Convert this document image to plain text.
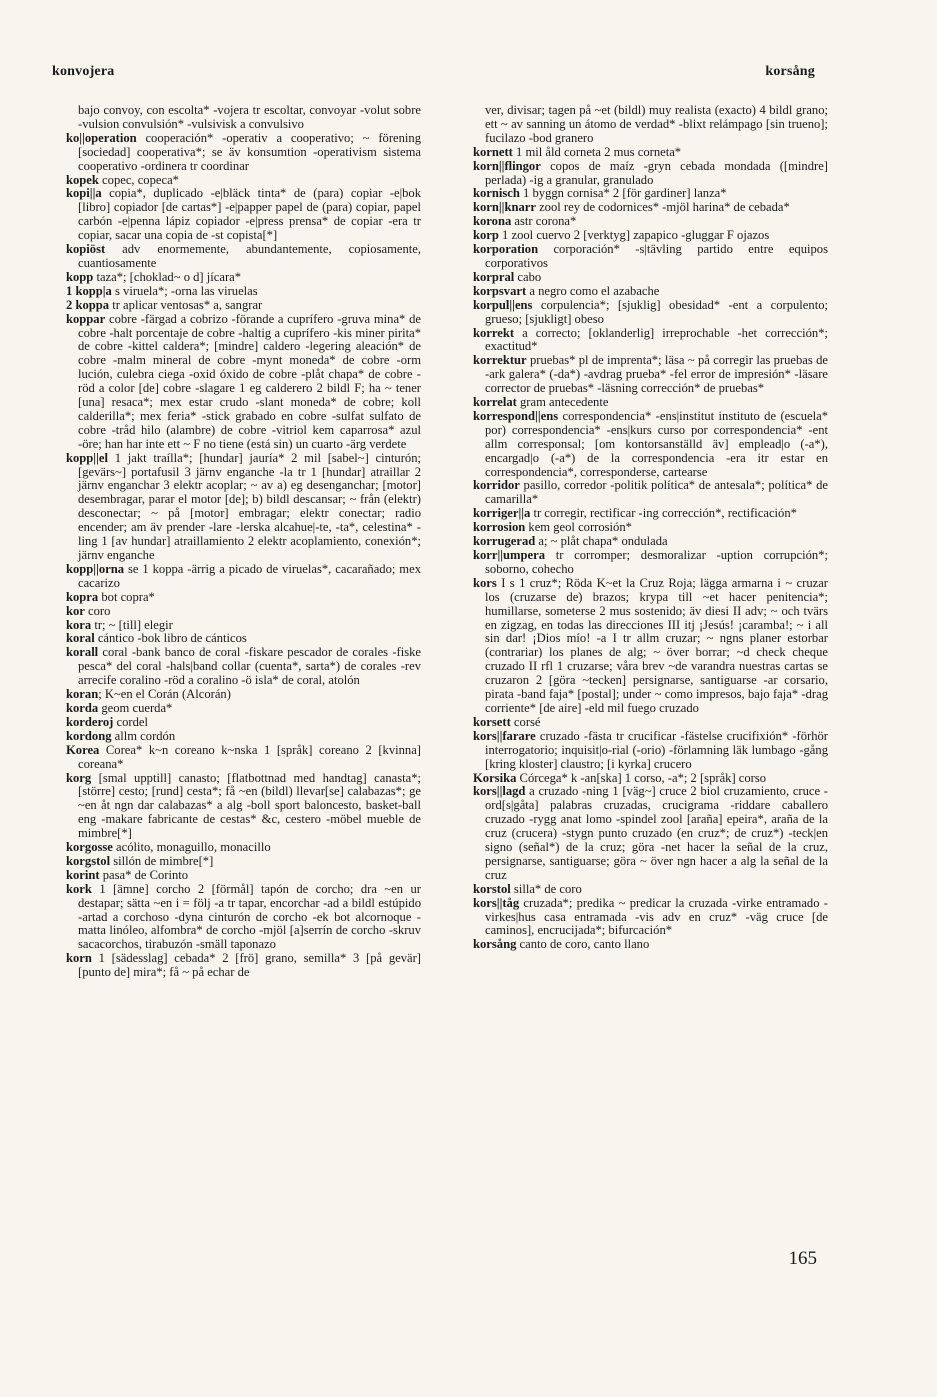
konvojera	korsång

bajo convoy, con escolta* -vojera tr escoltar, convoyar -volut sobre -vulsion convulsión* -vulsivisk a convulsivo

ko||operation cooperación* -operativ a cooperativo; ~ förening [sociedad] cooperativa*; se äv konsumtion -operativism sistema cooperativo -ordinera tr coordinar

kopek copec, copeca*

kopi||a copia*, duplicado -e|bläck tinta* de (para) copiar -e|bok [libro] copiador [de cartas*] -e|papper papel de (para) copiar, papel carbón -e|penna lápiz copiador -e|press prensa* de copiar -era tr copiar, sacar una copia de -st copista[*]

kopiöst adv enormemente, abundantemente, copiosamente, cuantiosamente

kopp taza*; [choklad~ o d] jícara*

1 kopp|a s viruela*; -orna las viruelas

2 koppa tr aplicar ventosas* a, sangrar

koppar cobre -färgad a cobrizo -förande a cuprífero -gruva mina* de cobre -halt porcentaje de cobre -haltig a cuprífero -kis miner pirita* de cobre -kittel caldera*; [mindre] caldero -legering aleación* de cobre -malm mineral de cobre -mynt moneda* de cobre -orm lución, culebra ciega -oxid óxido de cobre -plåt chapa* de cobre -röd a color [de] cobre -slagare 1 eg calderero 2 bildl F; ha ~ tener [una] resaca*; mex estar crudo -slant moneda* de cobre; koll calderilla*; mex feria* -stick grabado en cobre -sulfat sulfato de cobre -tråd hilo (alambre) de cobre -vitriol kem caparrosa* azul -öre; han har inte ett ~ F no tiene (está sin) un cuarto -ärg verdete

kopp||el 1 jakt traílla*; [hundar] jauría* 2 mil [sabel~] cinturón; [gevärs~] portafusil 3 järnv enganche -la tr 1 [hundar] atraillar 2 järnv enganchar 3 elektr acoplar; ~ av a) eg desenganchar; [motor] desembragar, parar el motor [de]; b) bildl descansar; ~ från (elektr) desconectar; ~ på [motor] embragar; elektr conectar; radio encender; am äv prender -lare -lerska alcahue|-te, -ta*, celestina* -ling 1 [av hundar] atraillamiento 2 elektr acoplamiento, conexión*; järnv enganche

kopp||orna se 1 koppa -ärrig a picado de viruelas*, cacarañado; mex cacarizo

kopra bot copra*

kor coro

kora tr; ~ [till] elegir

koral cántico -bok libro de cánticos

korall coral -bank banco de coral -fiskare pescador de corales -fiske pesca* del coral -hals|band collar (cuenta*, sarta*) de corales -rev arrecife coralino -röd a coralino -ö isla* de coral, atolón

koran; K~en el Corán (Alcorán)

korda geom cuerda*

korderoj cordel

kordong allm cordón

Korea Corea* k~n coreano k~nska 1 [språk] coreano 2 [kvinna] coreana*

korg [smal upptill] canasto; [flatbottnad med handtag] canasta*; [större] cesto; [rund] cesta*; få ~en (bildl) llevar[se] calabazas*; ge ~en åt ngn dar calabazas* a alg -boll sport baloncesto, basket-ball eng -makare fabricante de cestas* &c, cestero -möbel mueble de mimbre[*]

korgosse acólito, monaguillo, monacillo

korgstol sillón de mimbre[*]

korint pasa* de Corinto

kork 1 [ämne] corcho 2 [förmål] tapón de corcho; dra ~en ur destapar; sätta ~en i = följ -a tr tapar, encorchar -ad a bildl estúpido -artad a corchoso -dyna cinturón de corcho -ek bot alcornoque -matta linóleo, alfombra* de corcho -mjöl [a]serrín de corcho -skruv sacacorchos, tirabuzón -smäll taponazo

korn 1 [sädesslag] cebada* 2 [frö] grano, semilla* 3 [på gevär] [punto de] mira*; få ~ på echar de

ver, divisar; tagen på ~et (bildl) muy realista (exacto) 4 bildl grano; ett ~ av sanning un átomo de verdad* -blixt relámpago [sin trueno]; fucilazo -bod granero

kornett 1 mil åld corneta 2 mus corneta*

korn||flingor copos de maíz -gryn cebada mondada ([mindre] perlada) -ig a granular, granulado

kornisch 1 byggn cornisa* 2 [för gardiner] lanza*

korn||knarr zool rey de codornices* -mjöl harina* de cebada*

korona astr corona*

korp 1 zool cuervo 2 [verktyg] zapapico -gluggar F ojazos

korporation corporación* -s|tävling partido entre equipos corporativos

korpral cabo

korpsvart a negro como el azabache

korpul||ens corpulencia*; [sjuklig] obesidad* -ent a corpulento; grueso; [sjukligt] obeso

korrekt a correcto; [oklanderlig] irreprochable -het corrección*; exactitud*

korrektur pruebas* pl de imprenta*; läsa ~ på corregir las pruebas de -ark galera* (-da*) -avdrag prueba* -fel error de impresión* -läsare corrector de pruebas* -läsning corrección* de pruebas*

korrelat gram antecedente

korrespond||ens correspondencia* -ens|institut instituto de (escuela* por) correspondencia* -ens|kurs curso por correspondencia* -ent allm corresponsal; [om kontorsanställd äv] emplead|o (-a*), encargad|o (-a*) de la correspondencia -era itr estar en correspondencia*, corresponderse, cartearse

korridor pasillo, corredor -politik política* de antesala*; política* de camarilla*

korriger||a tr corregir, rectificar -ing corrección*, rectificación*

korrosion kem geol corrosión*

korrugerad a; ~ plåt chapa* ondulada

korr||umpera tr corromper; desmoralizar -uption corrupción*; soborno, cohecho

kors I s 1 cruz*; Röda K~et la Cruz Roja; lägga armarna i ~ cruzar los (cruzarse de) brazos; krypa till ~et hacer penitencia*; humillarse, someterse 2 mus sostenido; äv diesi II adv; ~ och tvärs en zigzag, en todas las direcciones III itj ¡Jesús! ¡caramba!; ~ i all sin dar! ¡Dios mío! -a I tr allm cruzar; ~ ngns planer estorbar (contrariar) los planes de alg; ~ över borrar; ~d check cheque cruzado II rfl 1 cruzarse; våra brev ~de varandra nuestras cartas se cruzaron 2 [göra ~tecken] persignarse, santiguarse -ar corsario, pirata -band faja* [postal]; under ~ como impresos, bajo faja* -drag corriente* [de aire] -eld mil fuego cruzado

korsett corsé

kors||farare cruzado -fästa tr crucificar -fästelse crucifixión* -förhör interrogatorio; inquisit|o-rial (-orio) -förlamning läk lumbago -gång [kring kloster] claustro; [i kyrka] crucero

Korsika Córcega* k -an[ska] 1 corso, -a*; 2 [språk] corso

kors||lagd a cruzado -ning 1 [väg~] cruce 2 biol cruzamiento, cruce -ord[s|gåta] palabras cruzadas, crucigrama -riddare caballero cruzado -rygg anat lomo -spindel zool [araña] epeira*, araña de la cruz (crucera) -stygn punto cruzado (en cruz*; de cruz*) -teck|en signo (señal*) de la cruz; göra -net hacer la señal de la cruz, persignarse, santiguarse; göra ~ över ngn hacer a alg la señal de la cruz

korstol silla* de coro

kors||tåg cruzada*; predika ~ predicar la cruzada -virke entramado -virkes|hus casa entramada -vis adv en cruz* -väg cruce [de caminos], encrucijada*; bifurcación*

korsång canto de coro, canto llano

165
